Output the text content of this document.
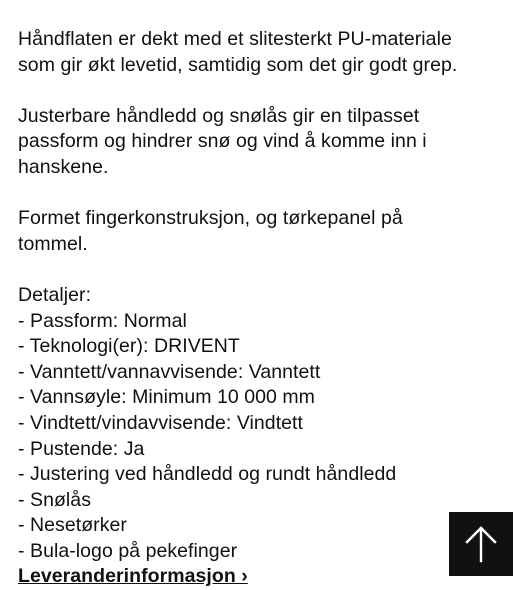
Håndflaten er dekt med et slitesterkt PU-materiale
som gir økt levetid, samtidig som det gir godt grep.

Justerbare håndledd og snølås gir en tilpasset
passform og hindrer snø og vind å komme inn i
hanskene.

Formet fingerkonstruksjon, og tørkepanel på
tommel.

Detaljer:
- Passform: Normal
- Teknologi(er): DRIVENT
- Vanntett/vannavvisende: Vanntett
- Vannsøyle: Minimum 10 000 mm
- Vindtett/vindavvisende: Vindtett
- Pustende: Ja
- Justering ved håndledd og rundt håndledd
- Snølås
- Nesetørker
- Bula-logo på pekefinger
Leveranderinformasjon ›
